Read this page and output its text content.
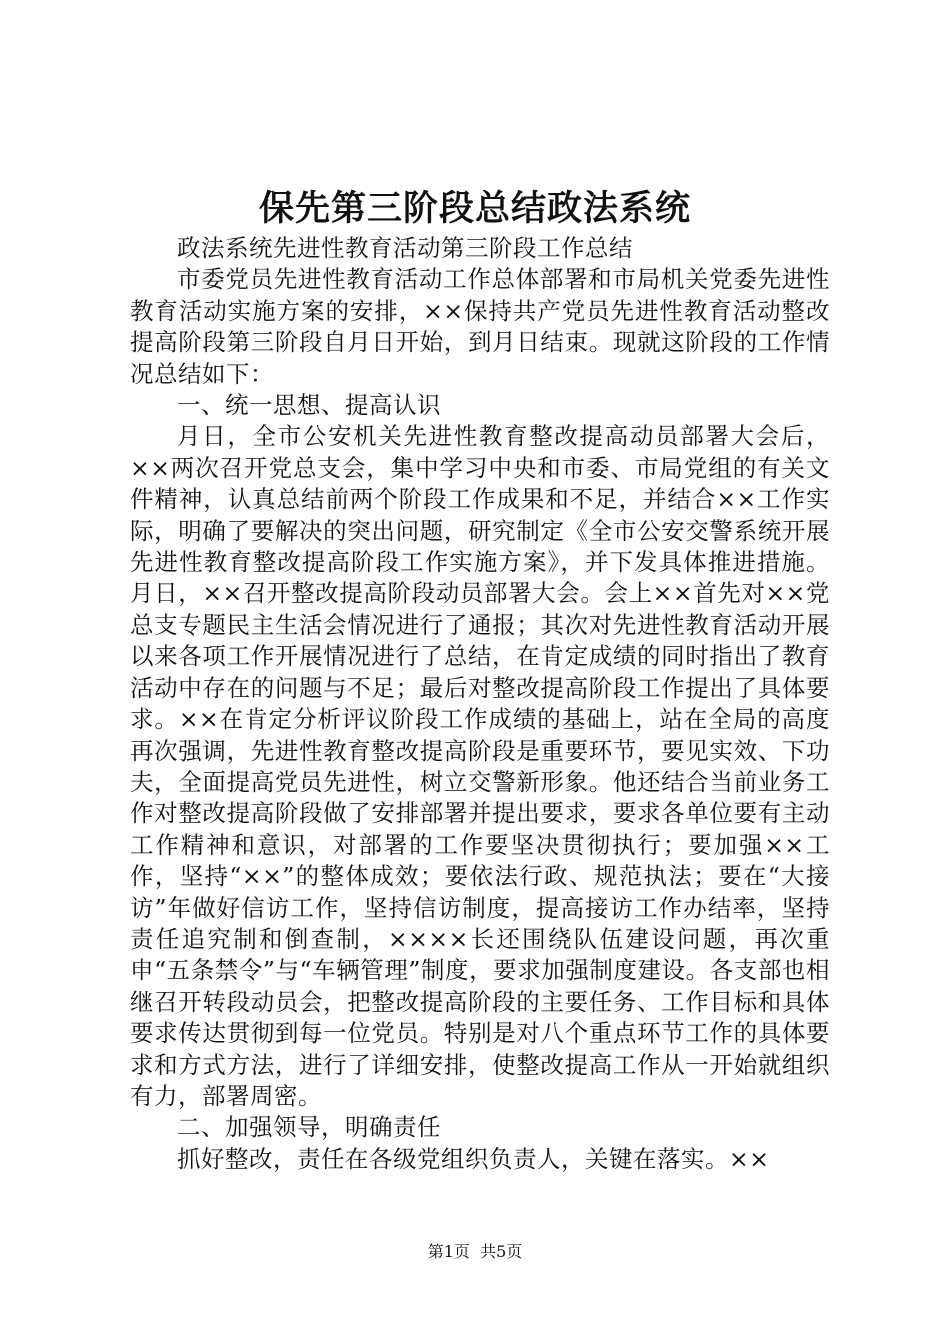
保先第三阶段总结政法系统

政法系统先进性教育活动第三阶段工作总结

市委党员先进性教育活动工作总体部署和市局机关党委先进性教育活动实施方案的安排，××保持共产党员先进性教育活动整改提高阶段第三阶段自月日开始，到月日结束。现就这阶段的工作情况总结如下：

一、统一思想、提高认识

月日，全市公安机关先进性教育整改提高动员部署大会后，××两次召开党总支会，集中学习中央和市委、市局党组的有关文件精神，认真总结前两个阶段工作成果和不足，并结合××工作实际，明确了要解决的突出问题，研究制定《全市公安交警系统开展先进性教育整改提高阶段工作实施方案》，并下发具体推进措施。月日，××召开整改提高阶段动员部署大会。会上××首先对××党总支专题民主生活会情况进行了通报；其次对先进性教育活动开展以来各项工作开展情况进行了总结，在肯定成绩的同时指出了教育活动中存在的问题与不足；最后对整改提高阶段工作提出了具体要求。××在肯定分析评议阶段工作成绩的基础上，站在全局的高度再次强调，先进性教育整改提高阶段是重要环节，要见实效、下功夫，全面提高党员先进性，树立交警新形象。他还结合当前业务工作对整改提高阶段做了安排部署并提出要求，要求各单位要有主动工作精神和意识，对部署的工作要坚决贯彻执行；要加强××工作，坚持“××”的整体成效；要依法行政、规范执法；要在“大接访”年做好信访工作，坚持信访制度，提高接访工作办结率，坚持责任追究制和倒查制，××××长还围绕队伍建设问题，再次重申“五条禁令”与“车辆管理”制度，要求加强制度建设。各支部也相继召开转段动员会，把整改提高阶段的主要任务、工作目标和具体要求传达贯彻到每一位党员。特别是对八个重点环节工作的具体要求和方式方法，进行了详细安排，使整改提高工作从一开始就组织有力，部署周密。

二、加强领导，明确责任

抓好整改，责任在各级党组织负责人，关键在落实。××

第1页 共5页
